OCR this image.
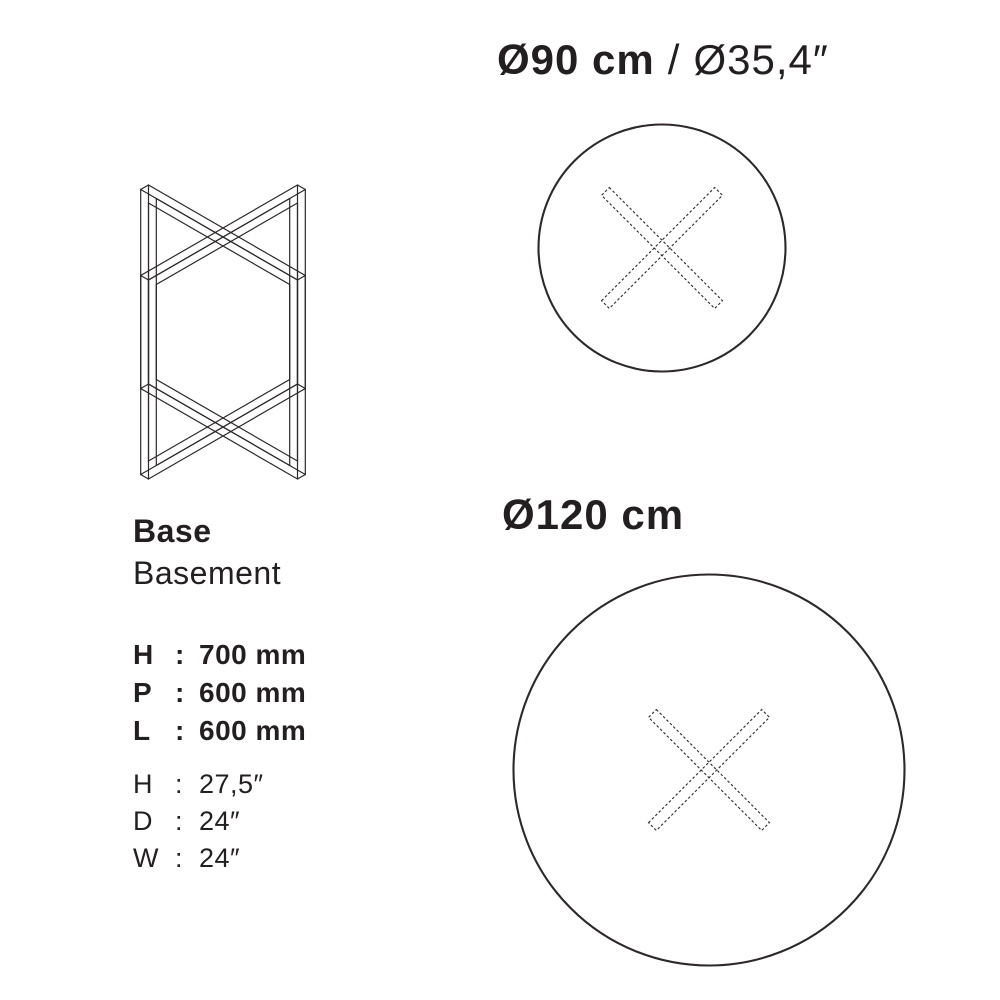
Ø90 cm / Ø35,4″
Ø120 cm
Base
Basement
H : 700 mm
P : 600 mm
L : 600 mm
H : 27,5″
D : 24″
W : 24″
